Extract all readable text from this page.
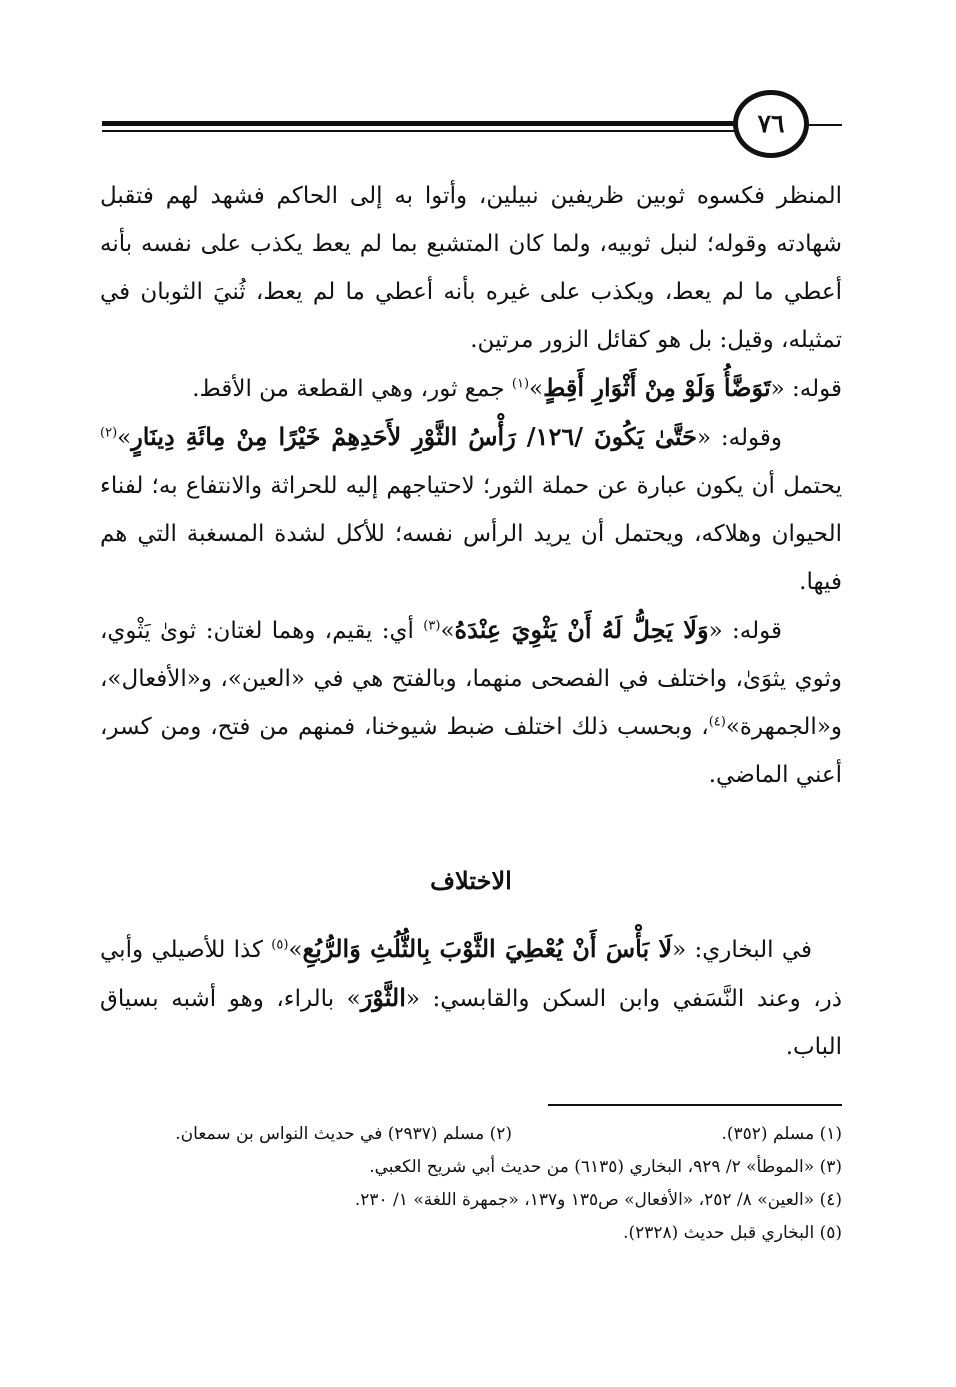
٧٦

المنظر فكسوه ثوبين ظريفين نبيلين، وأتوا به إلى الحاكم فشهد لهم فتقبل شهادته وقوله؛ لنبل ثوبيه، ولما كان المتشبع بما لم يعط يكذب على نفسه بأنه أعطي ما لم يعط، ويكذب على غيره بأنه أعطي ما لم يعط، ثُنيَ الثوبان في تمثيله، وقيل: بل هو كقائل الزور مرتين.

قوله: «تَوَضَّأُ وَلَوْ مِنْ أَثْوَارِ أَقِطٍ»$^{(١)}$ جمع ثور، وهي القطعة من الأقط.

وقوله: «حَتَّىٰ يَكُونَ /١٢٦/ رَأْسُ الثَّوْرِ لأَحَدِهِمْ خَيْرًا مِنْ مِائَةِ دِينَارٍ»$^{(٢)}$ يحتمل أن يكون عبارة عن حملة الثور؛ لاحتياجهم إليه للحراثة والانتفاع به؛ لفناء الحيوان وهلاكه، ويحتمل أن يريد الرأس نفسه؛ للأكل لشدة المسغبة التي هم فيها.

قوله: «وَلَا يَحِلُّ لَهُ أَنْ يَثْوِيَ عِنْدَهُ»$^{(٣)}$ أي: يقيم، وهما لغتان: ثوىٰ يَثْوي، وثوي يثوَىٰ، واختلف في الفصحى منهما، وبالفتح هي في «العين»، و«الأفعال»، و«الجمهرة»$^{(٤)}$، وبحسب ذلك اختلف ضبط شيوخنا، فمنهم من فتح، ومن كسر، أعني الماضي.

الاختلاف

في البخاري: «لَا بَأْسَ أَنْ يُعْطِيَ الثَّوْبَ بِالثُّلُثِ وَالرُّبُعِ»$^{(٥)}$ كذا للأصيلي وأبي ذر، وعند النَّسَفي وابن السكن والقابسي: «الثَّوْرَ» بالراء، وهو أشبه بسياق الباب.

(١) مسلم (٣٥٢).
(٢) مسلم (٢٩٣٧) في حديث النواس بن سمعان.
(٣) «الموطأ» ٢/ ٩٢٩، البخاري (٦١٣٥) من حديث أبي شريح الكعبي.
(٤) «العين» ٨/ ٢٥٢، «الأفعال» ص١٣٥ و١٣٧، «جمهرة اللغة» ١/ ٢٣٠.
(٥) البخاري قبل حديث (٢٣٢٨).
